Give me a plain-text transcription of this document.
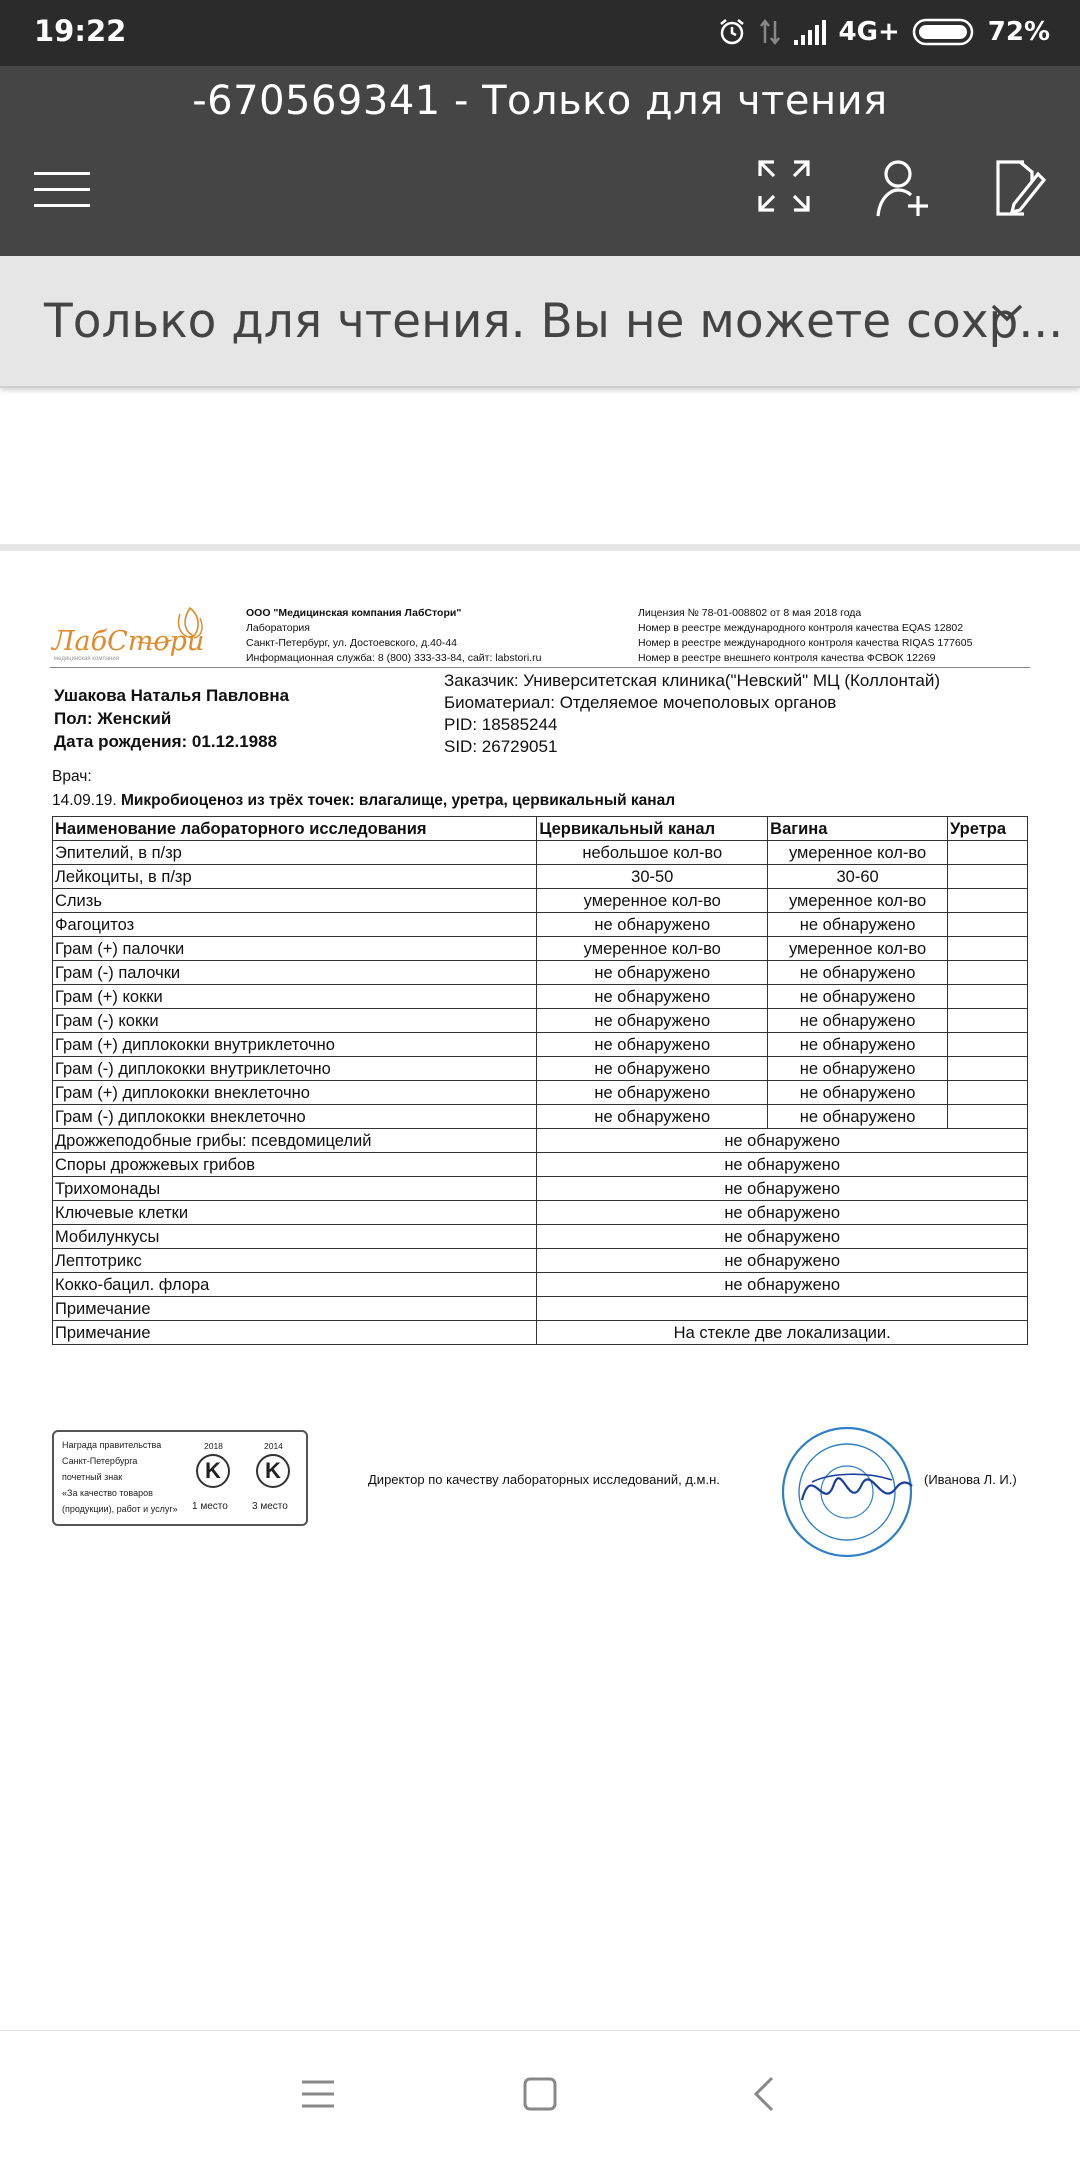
19:22	4G+	72%
-670569341 - Только для чтения
Только для чтения. Вы не можете сохр...
ЛабСтори
медицинская компания
ООО "Медицинская компания ЛабСтори"
Лаборатория
Санкт-Петербург, ул. Достоевского, д.40-44
Информационная служба: 8 (800) 333-33-84, сайт: labstori.ru
Лицензия № 78-01-008802 от 8 мая 2018 года
Номер в реестре международного контроля качества EQAS 12802
Номер в реестре международного контроля качества RIQAS 177605
Номер в реестре внешнего контроля качества ФСВОК 12269
Ушакова Наталья Павловна
Пол: Женский
Дата рождения: 01.12.1988
Заказчик: Университетская клиника("Невский" МЦ (Коллонтай)
Биоматериал: Отделяемое мочеполовых органов
PID: 18585244
SID: 26729051
Врач:
14.09.19. Микробиоценоз из трёх точек: влагалище, уретра, цервикальный канал
Наименование лабораторного исследования	Цервикальный канал	Вагина	Уретра
Эпителий, в п/зр	небольшое кол-во	умеренное кол-во	
Лейкоциты, в п/зр	30-50	30-60	
Слизь	умеренное кол-во	умеренное кол-во	
Фагоцитоз	не обнаружено	не обнаружено	
Грам (+) палочки	умеренное кол-во	умеренное кол-во	
Грам (-) палочки	не обнаружено	не обнаружено	
Грам (+) кокки	не обнаружено	не обнаружено	
Грам (-) кокки	не обнаружено	не обнаружено	
Грам (+) диплококки внутриклеточно	не обнаружено	не обнаружено	
Грам (-) диплококки внутриклеточно	не обнаружено	не обнаружено	
Грам (+) диплококки внеклеточно	не обнаружено	не обнаружено	
Грам (-) диплококки внеклеточно	не обнаружено	не обнаружено	
Дрожжеподобные грибы: псевдомицелий	не обнаружено		
Споры дрожжевых грибов	не обнаружено		
Трихомонады	не обнаружено		
Ключевые клетки	не обнаружено		
Мобилункусы	не обнаружено		
Лептотрикс	не обнаружено		
Кокко-бацил. флора	не обнаружено		
Примечание			
Примечание	На стекле две локализации.		
Награда правительства
Санкт-Петербурга
почетный знак
«За качество товаров
(продукции), работ и услуг»
2018	2014
K	K
1 место 3 место
Директор по качеству лабораторных исследований, д.м.н.	(Иванова Л. И.)
